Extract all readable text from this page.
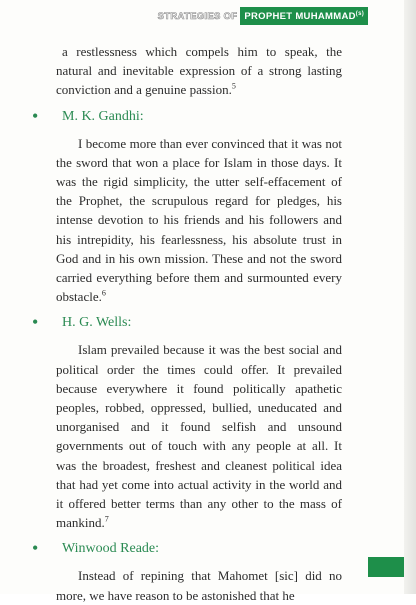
STRATEGIES OF PROPHET MUHAMMAD$^{(s)}$

a restlessness which compels him to speak, the natural and inevitable expression of a strong lasting conviction and a genuine passion.$^5$

• M. K. Gandhi:

I become more than ever convinced that it was not the sword that won a place for Islam in those days. It was the rigid simplicity, the utter self-effacement of the Prophet, the scrupulous regard for pledges, his intense devotion to his friends and his followers and his intrepidity, his fearlessness, his absolute trust in God and in his own mission. These and not the sword carried everything before them and surmounted every obstacle.$^6$

• H. G. Wells:

Islam prevailed because it was the best social and political order the times could offer. It prevailed because everywhere it found politically apathetic peoples, robbed, oppressed, bullied, uneducated and unorganised and it found selfish and unsound governments out of touch with any people at all. It was the broadest, freshest and cleanest political idea that had yet come into actual activity in the world and it offered better terms than any other to the mass of mankind.$^7$

• Winwood Reade:

Instead of repining that Mahomet [sic] did no more, we have reason to be astonished that he
